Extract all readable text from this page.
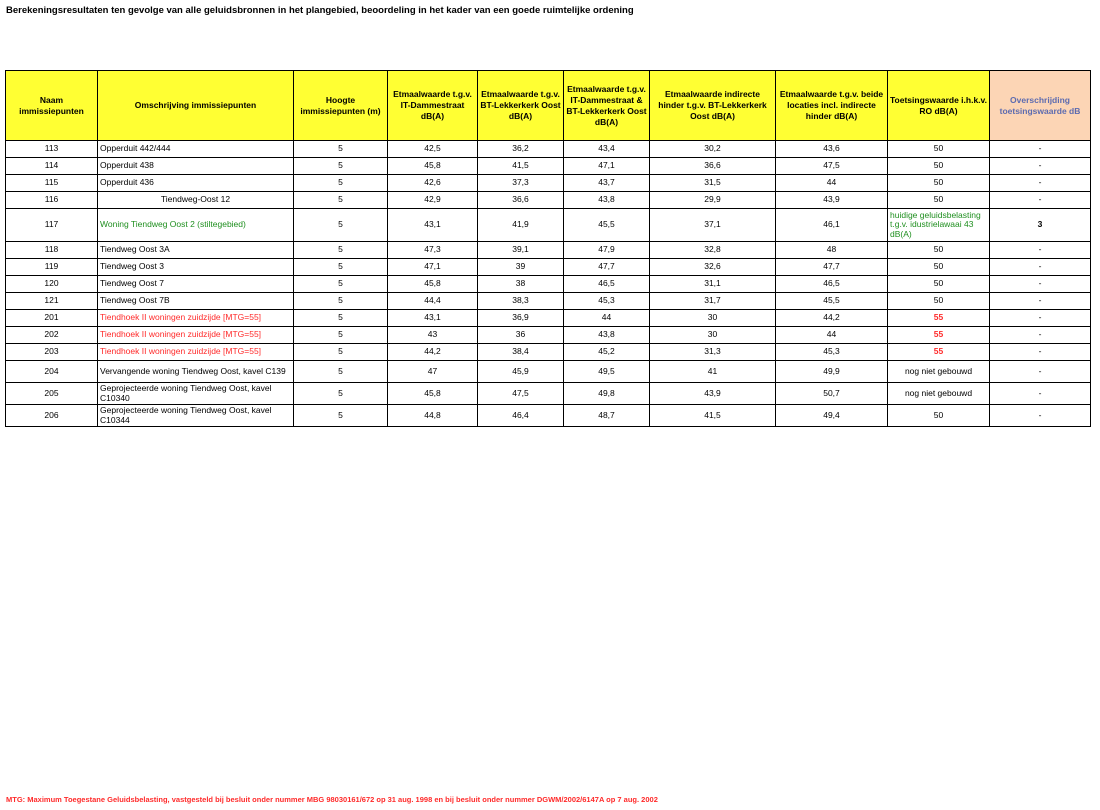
Berekeningsresultaten ten gevolge van alle geluidsbronnen in het plangebied, beoordeling in het kader van een goede ruimtelijke ordening
Naam immissiepunten	Omschrijving immissiepunten	Hoogte immissiepunten (m)	Etmaalwaarde t.g.v. IT-Dammestraat dB(A)	Etmaalwaarde t.g.v. BT-Lekkerkerk Oost dB(A)	Etmaalwaarde t.g.v. IT-Dammestraat & BT-Lekkerkerk Oost dB(A)	Etmaalwaarde indirecte hinder t.g.v. BT-Lekkerkerk Oost dB(A)	Etmaalwaarde t.g.v. beide locaties incl. indirecte hinder dB(A)	Toetsingswaarde i.h.k.v. RO dB(A)	Overschrijding toetsingswaarde dB
113	Opperduit 442/444	5	42,5	36,2	43,4	30,2	43,6	50	-
114	Opperduit 438	5	45,8	41,5	47,1	36,6	47,5	50	-
115	Opperduit 436	5	42,6	37,3	43,7	31,5	44	50	-
116	Tiendweg-Oost 12	5	42,9	36,6	43,8	29,9	43,9	50	-
117	Woning Tiendweg Oost 2 (stiltegebied)	5	43,1	41,9	45,5	37,1	46,1	huidige geluidsbelasting t.g.v. idustrielawaai 43 dB(A)	3
118	Tiendweg Oost 3A	5	47,3	39,1	47,9	32,8	48	50	-
119	Tiendweg Oost 3	5	47,1	39	47,7	32,6	47,7	50	-
120	Tiendweg Oost 7	5	45,8	38	46,5	31,1	46,5	50	-
121	Tiendweg Oost 7B	5	44,4	38,3	45,3	31,7	45,5	50	-
201	Tiendhoek II woningen zuidzijde [MTG=55]	5	43,1	36,9	44	30	44,2	55	-
202	Tiendhoek II woningen zuidzijde [MTG=55]	5	43	36	43,8	30	44	55	-
203	Tiendhoek II woningen zuidzijde [MTG=55]	5	44,2	38,4	45,2	31,3	45,3	55	-
204	Vervangende woning Tiendweg Oost, kavel C139	5	47	45,9	49,5	41	49,9	nog niet gebouwd	-
205	Geprojecteerde woning Tiendweg Oost, kavel C10340	5	45,8	47,5	49,8	43,9	50,7	nog niet gebouwd	-
206	Geprojecteerde woning Tiendweg Oost, kavel C10344	5	44,8	46,4	48,7	41,5	49,4	50	-
MTG: Maximum Toegestane Geluidsbelasting, vastgesteld bij besluit onder nummer MBG 98030161/672 op 31 aug. 1998 en bij besluit onder nummer DGWM/2002/6147A op 7 aug. 2002
